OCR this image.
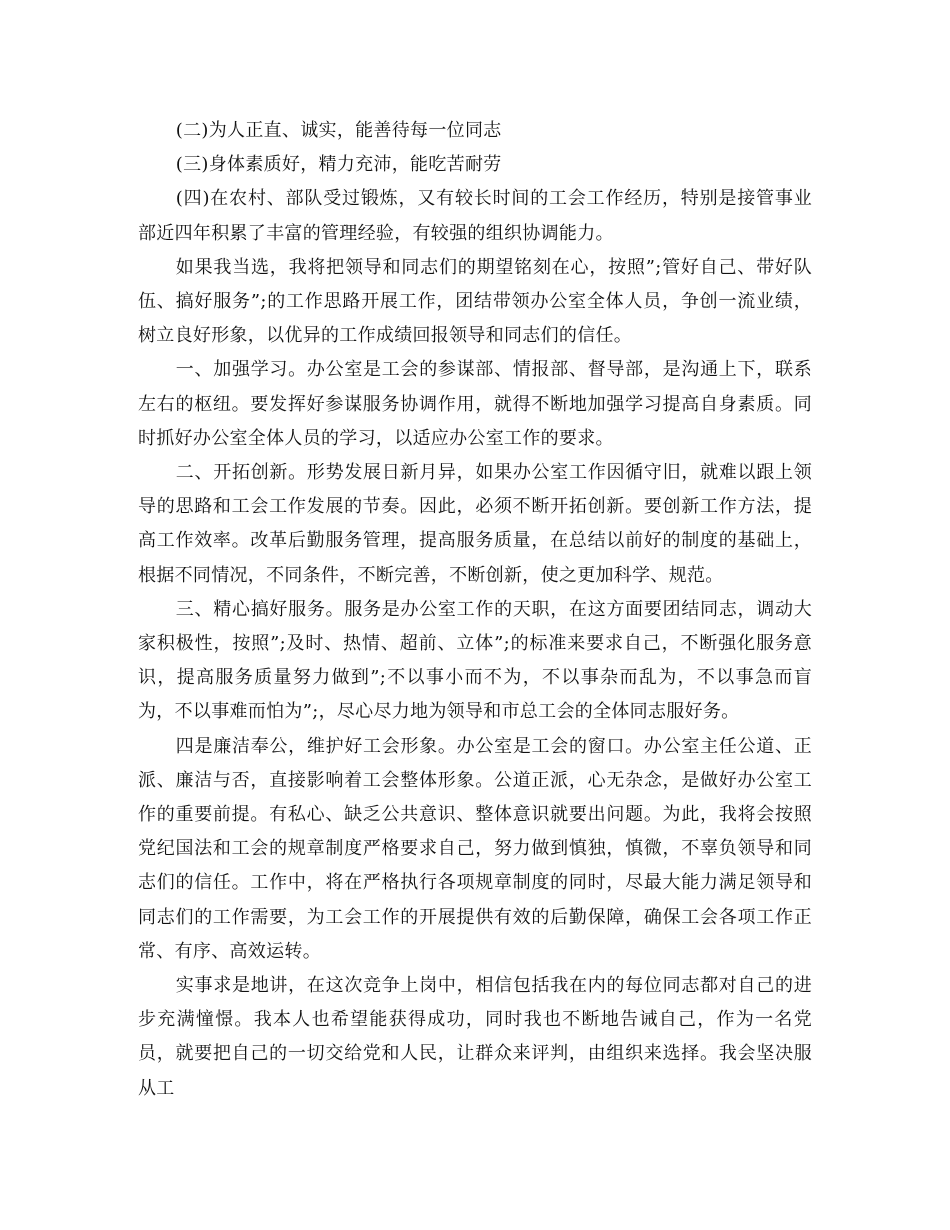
(二)为人正直、诚实，能善待每一位同志

(三)身体素质好，精力充沛，能吃苦耐劳

(四)在农村、部队受过锻炼，又有较长时间的工会工作经历，特别是接管事业部近四年积累了丰富的管理经验，有较强的组织协调能力。

如果我当选，我将把领导和同志们的期望铭刻在心，按照”;管好自己、带好队伍、搞好服务”;的工作思路开展工作，团结带领办公室全体人员，争创一流业绩，树立良好形象，以优异的工作成绩回报领导和同志们的信任。

一、加强学习。办公室是工会的参谋部、情报部、督导部，是沟通上下，联系左右的枢纽。要发挥好参谋服务协调作用，就得不断地加强学习提高自身素质。同时抓好办公室全体人员的学习，以适应办公室工作的要求。

二、开拓创新。形势发展日新月异，如果办公室工作因循守旧，就难以跟上领导的思路和工会工作发展的节奏。因此，必须不断开拓创新。要创新工作方法，提高工作效率。改革后勤服务管理，提高服务质量，在总结以前好的制度的基础上，根据不同情况，不同条件，不断完善，不断创新，使之更加科学、规范。

三、精心搞好服务。服务是办公室工作的天职，在这方面要团结同志，调动大家积极性，按照”;及时、热情、超前、立体”;的标准来要求自己，不断强化服务意识，提高服务质量努力做到”;不以事小而不为，不以事杂而乱为，不以事急而盲为，不以事难而怕为”;，尽心尽力地为领导和市总工会的全体同志服好务。

四是廉洁奉公，维护好工会形象。办公室是工会的窗口。办公室主任公道、正派、廉洁与否，直接影响着工会整体形象。公道正派，心无杂念，是做好办公室工作的重要前提。有私心、缺乏公共意识、整体意识就要出问题。为此，我将会按照党纪国法和工会的规章制度严格要求自己，努力做到慎独，慎微，不辜负领导和同志们的信任。工作中，将在严格执行各项规章制度的同时，尽最大能力满足领导和同志们的工作需要，为工会工作的开展提供有效的后勤保障，确保工会各项工作正常、有序、高效运转。

实事求是地讲，在这次竞争上岗中，相信包括我在内的每位同志都对自己的进步充满憧憬。我本人也希望能获得成功，同时我也不断地告诫自己，作为一名党员，就要把自己的一切交给党和人民，让群众来评判，由组织来选择。我会坚决服从工
